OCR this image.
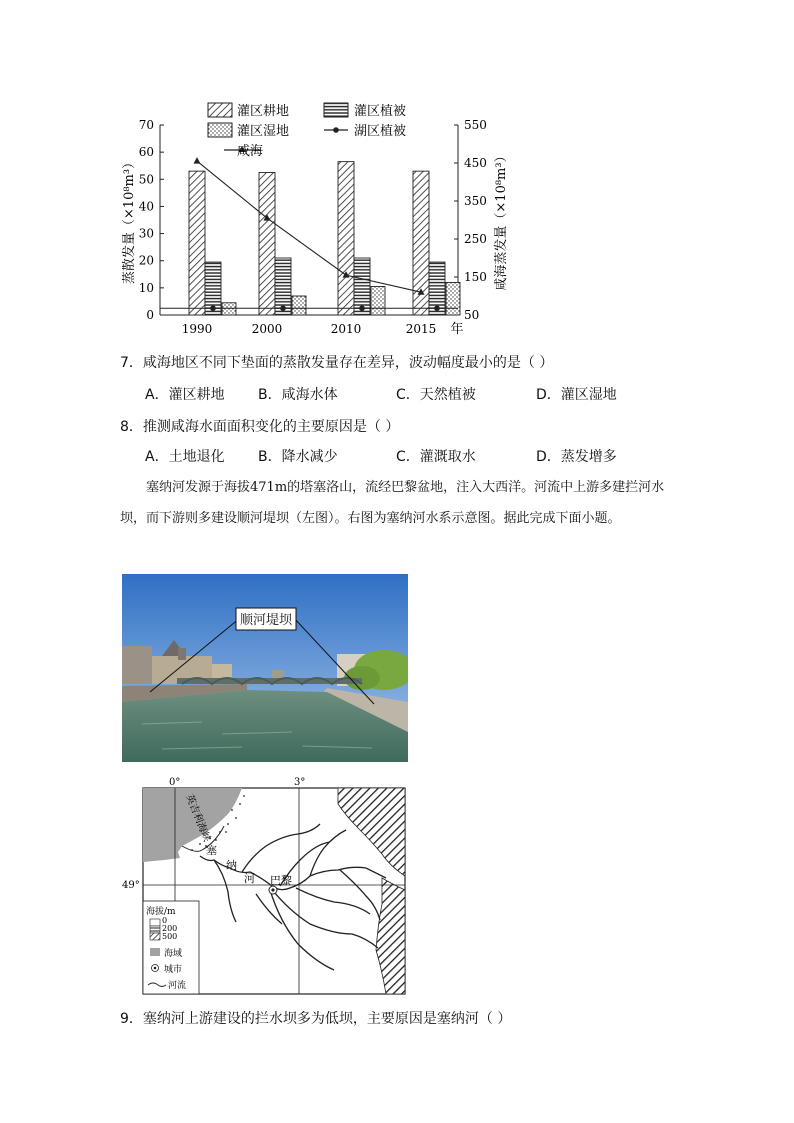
0
10
20
30
40
50
60
70
50
150
250
350
450
550
蒸散发量（×10⁸m³）	咸海蒸发量（×10⁸m³）
1990	2000	2010	2015 年
灌区耕地	灌区植被
灌区湿地	湖区植被
咸海
7．咸海地区不同下垫面的蒸散发量存在差异，波动幅度最小的是（ ）
A．灌区耕地 B．咸海水体	C．天然植被	D．灌区湿地
8．推测咸海水面面积变化的主要原因是（ ）
A．土地退化 B．降水减少	C．灌溉取水	D．蒸发增多
塞纳河发源于海拔471m的塔塞洛山，流经巴黎盆地，注入大西洋。河流中上游多建拦河水坝，而下游则多建设顺河堤坝（左图）。右图为塞纳河水系示意图。据此完成下面小题。
顺河堤坝
0°	3°
49°
英吉利海峡
塞
纳
河 巴黎
海拔/m
0
200
500
海域
城市
河流
9．塞纳河上游建设的拦水坝多为低坝，主要原因是塞纳河（ ）
